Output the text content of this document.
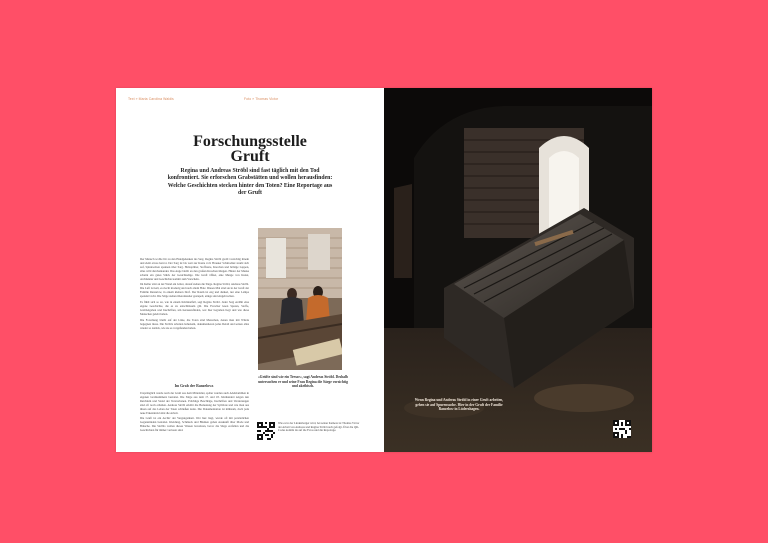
Text » Maria Carolina Waldis	Foto » Thomas Victor
Forschungsstelle
Gruft
Regina und Andreas Ströbl sind fast täglich mit den Tod konfrontiert. Sie erforschen Grabstätten und wollen herausfinden: Welche Geschichten stecken hinter den Toten? Eine Reportage aus der Gruft

Der Mensch wollte für zu den Handgelenken ins Sarg. Regina Ströbl greift vorsichtig hinein und zieht etwas hervor. Der Sarg ist bis weit zur Kante voll. Brauner Schmodder staubt sich auf, Spinnweben spannen über Sarg. Holzsplitter, Stoffreste, Knochen und hölzige Lappen, alles wild durcheinander. Das Auge bleibt an den großen Knochen hängen. Hinter der Maske scheint ein gutes Stück der Gesichtszüge. Die Gruft öffnet, eine Menge von Kunst, Architektur und Geschichte kommt zum Vorschein.

Im Keller sitzt an der Wand ein Gitter, darauf stehen die Särge. Regina Ströbl, Andreas Ströbl. Die Luft ist kalt, es riecht moderig und nach altem Holz. Dieses Mal sind sie in der Gruft der Familie Ranzelow, in einem kleinen Dorf. Der Raum ist eng und dunkel, nur eine Lampe spendet Licht. Die Särge stehen übereinander gestapelt, einige sind eingebrochen.

Es fühlt sich so an, wie in einem Kriminalfall, sagt Regina Ströbl. Jeder Sarg erzählt eine eigene Geschichte, die es zu entschlüsseln gilt. Die Forscher lesen Spuren, Stoffe, Grabbeigaben und Inschriften, um herauszufinden, wer hier begraben liegt und wie diese Menschen gelebt haben.

Die Forschung bleibt auf der Linie, die Toten sind Menschen, denen man mit Würde begegnen muss. Die Ströbls arbeiten behutsam, dokumentieren jedes Detail und setzen alles wieder so zurück, wie sie es vorgefunden haben.

Im Grab der Ranzelows

Ursprünglich wurde nach der Gruft aus dem Mittelalter, später wurden auch Adelsfamilien in eigenen Grabkammern bestattet. Die Särge aus dem 17. und 18. Jahrhundert zeigen den Reichtum und Stand der Verstorbenen. Prächtige Beschläge, Inschriften und Verzierungen sind oft noch erhalten. Andreas Ströbl erklärt die Bedeutung der Symbole und wie man aus ihnen auf das Leben der Toten schließen kann. Die Dokumentation ist mühsam, doch jede neue Erkenntnis lohnt die Arbeit.

Die Gruft ist ein Archiv der Vergangenheit. Wer hier liegt, wurde oft mit persönlichen Gegenständen bestattet. Kleidung, Schmuck und Blumen geben Auskunft über Mode und Bräuche. Die Ströbls wollen dieses Wissen bewahren, bevor die Särge zerfallen und die Geschichten für immer verloren sind.

»Grüfte sind wie ein Tresor«, sagt Andreas Ströbl. Deshalb untersuchen er und seine Frau Regina die Särge vorsichtig und akribisch.
Wie es in der Lindenberger wird, bei seiner Kamera ist Thomas Victor der Arbeit von Andreas und Regina Ströbl nach gefolgt. Über die QR-Codes kommt du auf die Fotos und die Reportage.
Wenn Regina und Andreas Ströbl in einer Gruft arbeiten, gehen sie auf Spurensuche. Hier in der Gruft der Familie Ranzelow in Lüdershagen.
